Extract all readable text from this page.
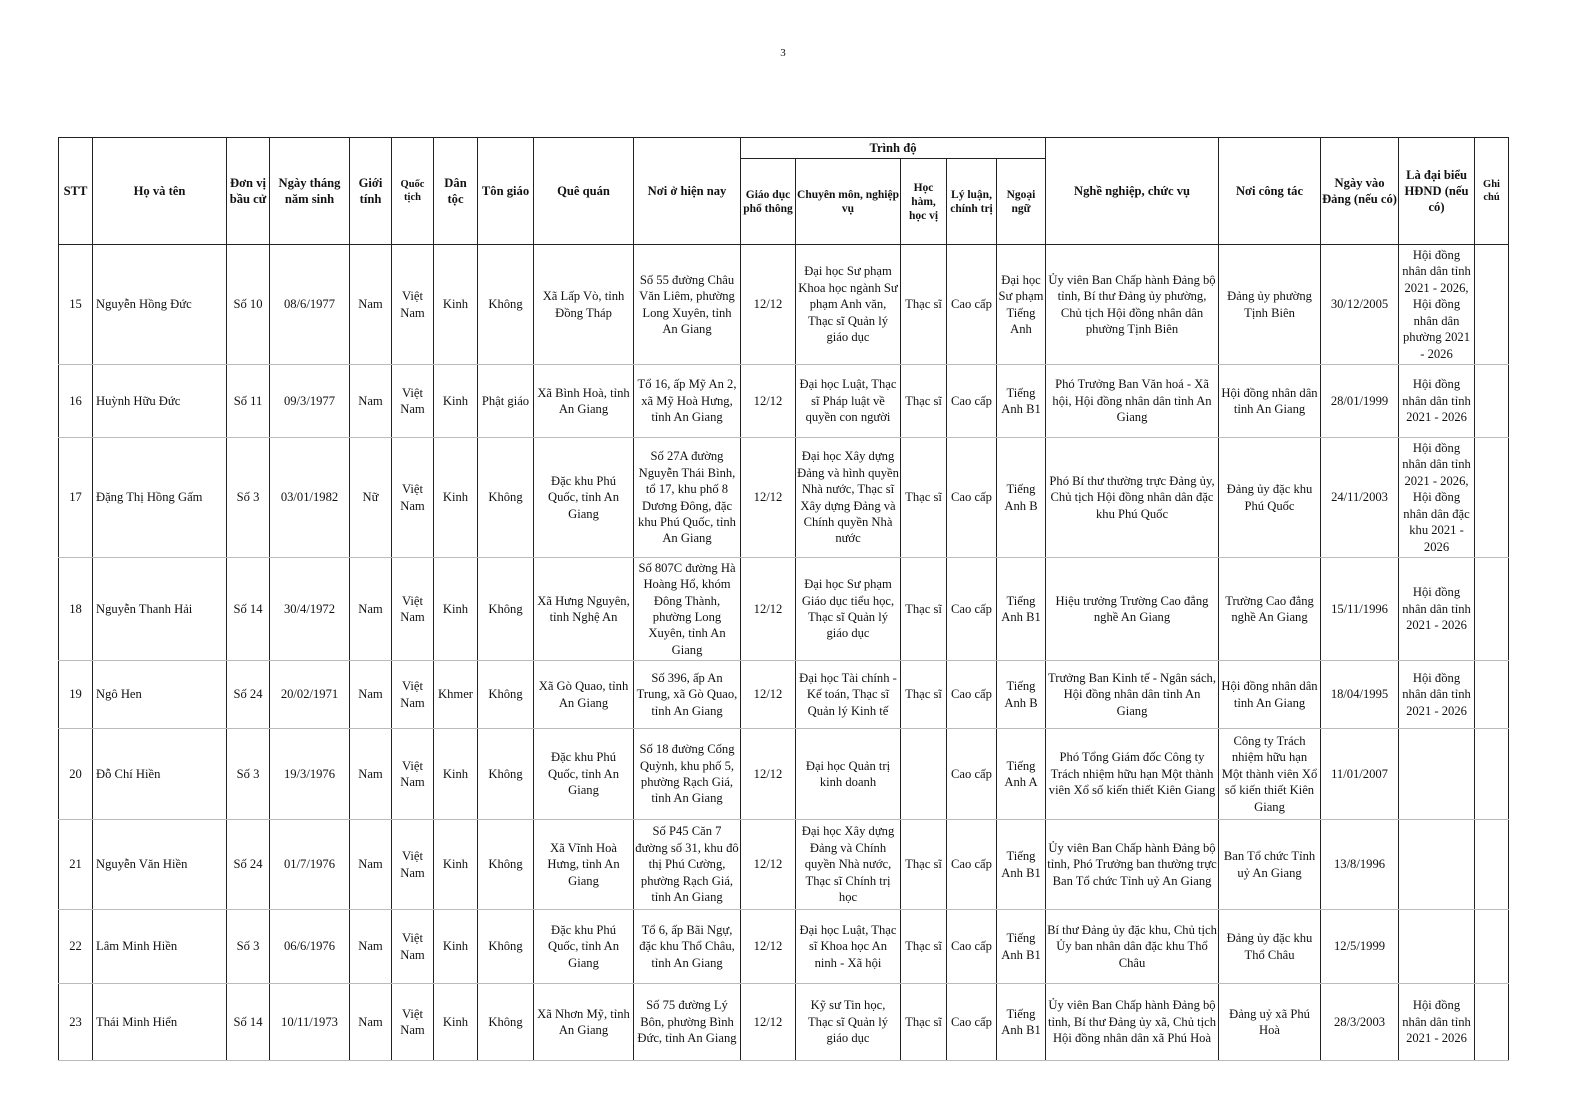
3
STT	Họ và tên	Đơn vị bầu cử	Ngày tháng năm sinh	Giới tính	Quốc tịch	Dân tộc	Tôn giáo	Quê quán	Nơi ở hiện nay	Trình độ					Nghề nghiệp, chức vụ	Nơi công tác	Ngày vào Đảng (nếu có)	Là đại biểu HĐND (nếu có)	Ghi chú
										Giáo dục phổ thông	Chuyên môn, nghiệp vụ	Học hàm, học vị	Lý luận, chính trị	Ngoại ngữ					
15	Nguyễn Hồng Đức	Số 10	08/6/1977	Nam	Việt Nam	Kinh	Không	Xã Lấp Vò, tỉnh Đồng Tháp	Số 55 đường Châu Văn Liêm, phường Long Xuyên, tỉnh An Giang	12/12	Đại học Sư phạm Khoa học ngành Sư phạm Anh văn, Thạc sĩ Quản lý giáo dục	Thạc sĩ	Cao cấp	Đại học Sư phạm Tiếng Anh	Ủy viên Ban Chấp hành Đảng bộ tỉnh, Bí thư Đảng ủy phường, Chủ tịch Hội đồng nhân dân phường Tịnh Biên	Đảng ủy phường Tịnh Biên	30/12/2005	Hội đồng nhân dân tỉnh 2021 - 2026, Hội đồng nhân dân phường 2021 - 2026	
16	Huỳnh Hữu Đức	Số 11	09/3/1977	Nam	Việt Nam	Kinh	Phật giáo	Xã Bình Hoà, tỉnh An Giang	Tổ 16, ấp Mỹ An 2, xã Mỹ Hoà Hưng, tỉnh An Giang	12/12	Đại học Luật, Thạc sĩ Pháp luật về quyền con người	Thạc sĩ	Cao cấp	Tiếng Anh B1	Phó Trưởng Ban Văn hoá - Xã hội, Hội đồng nhân dân tỉnh An Giang	Hội đồng nhân dân tỉnh An Giang	28/01/1999	Hội đồng nhân dân tỉnh 2021 - 2026	
17	Đặng Thị Hồng Gấm	Số 3	03/01/1982	Nữ	Việt Nam	Kinh	Không	Đặc khu Phú Quốc, tỉnh An Giang	Số 27A đường Nguyễn Thái Bình, tổ 17, khu phố 8 Dương Đông, đặc khu Phú Quốc, tỉnh An Giang	12/12	Đại học Xây dựng Đảng và hình quyền Nhà nước, Thạc sĩ Xây dựng Đảng và Chính quyền Nhà nước	Thạc sĩ	Cao cấp	Tiếng Anh B	Phó Bí thư thường trực Đảng ủy, Chủ tịch Hội đồng nhân dân đặc khu Phú Quốc	Đảng ủy đặc khu Phú Quốc	24/11/2003	Hội đồng nhân dân tỉnh 2021 - 2026, Hội đồng nhân dân đặc khu 2021 - 2026	
18	Nguyễn Thanh Hải	Số 14	30/4/1972	Nam	Việt Nam	Kinh	Không	Xã Hưng Nguyên, tỉnh Nghệ An	Số 807C đường Hà Hoàng Hổ, khóm Đông Thành, phường Long Xuyên, tỉnh An Giang	12/12	Đại học Sư phạm Giáo dục tiểu học, Thạc sĩ Quản lý giáo dục	Thạc sĩ	Cao cấp	Tiếng Anh B1	Hiệu trưởng Trường Cao đẳng nghề An Giang	Trường Cao đẳng nghề An Giang	15/11/1996	Hội đồng nhân dân tỉnh 2021 - 2026	
19	Ngô Hen	Số 24	20/02/1971	Nam	Việt Nam	Khmer	Không	Xã Gò Quao, tỉnh An Giang	Số 396, ấp An Trung, xã Gò Quao, tỉnh An Giang	12/12	Đại học Tài chính - Kế toán, Thạc sĩ Quản lý Kinh tế	Thạc sĩ	Cao cấp	Tiếng Anh B	Trưởng Ban Kinh tế - Ngân sách, Hội đồng nhân dân tỉnh An Giang	Hội đồng nhân dân tỉnh An Giang	18/04/1995	Hội đồng nhân dân tỉnh 2021 - 2026	
20	Đỗ Chí Hiền	Số 3	19/3/1976	Nam	Việt Nam	Kinh	Không	Đặc khu Phú Quốc, tỉnh An Giang	Số 18 đường Cống Quỳnh, khu phố 5, phường Rạch Giá, tỉnh An Giang	12/12	Đại học Quản trị kinh doanh		Cao cấp	Tiếng Anh A	Phó Tổng Giám đốc Công ty Trách nhiệm hữu hạn Một thành viên Xổ số kiến thiết Kiên Giang	Công ty Trách nhiệm hữu hạn Một thành viên Xổ số kiến thiết Kiên Giang	11/01/2007		
21	Nguyễn Văn Hiền	Số 24	01/7/1976	Nam	Việt Nam	Kinh	Không	Xã Vĩnh Hoà Hưng, tỉnh An Giang	Số P45 Căn 7 đường số 31, khu đô thị Phú Cường, phường Rạch Giá, tỉnh An Giang	12/12	Đại học Xây dựng Đảng và Chính quyền Nhà nước, Thạc sĩ Chính trị học	Thạc sĩ	Cao cấp	Tiếng Anh B1	Ủy viên Ban Chấp hành Đảng bộ tỉnh, Phó Trưởng ban thường trực Ban Tổ chức Tỉnh uỷ An Giang	Ban Tổ chức Tỉnh uỷ An Giang	13/8/1996		
22	Lâm Minh Hiền	Số 3	06/6/1976	Nam	Việt Nam	Kinh	Không	Đặc khu Phú Quốc, tỉnh An Giang	Tổ 6, ấp Bãi Ngự, đặc khu Thổ Châu, tỉnh An Giang	12/12	Đại học Luật, Thạc sĩ Khoa học An ninh - Xã hội	Thạc sĩ	Cao cấp	Tiếng Anh B1	Bí thư Đảng ủy đặc khu, Chủ tịch Ủy ban nhân dân đặc khu Thổ Châu	Đảng ủy đặc khu Thổ Châu	12/5/1999		
23	Thái Minh Hiển	Số 14	10/11/1973	Nam	Việt Nam	Kinh	Không	Xã Nhơn Mỹ, tỉnh An Giang	Số 75 đường Lý Bôn, phường Bình Đức, tỉnh An Giang	12/12	Kỹ sư Tin học, Thạc sĩ Quản lý giáo dục	Thạc sĩ	Cao cấp	Tiếng Anh B1	Ủy viên Ban Chấp hành Đảng bộ tỉnh, Bí thư Đảng ủy xã, Chủ tịch Hội đồng nhân dân xã Phú Hoà	Đảng uỷ xã Phú Hoà	28/3/2003	Hội đồng nhân dân tỉnh 2021 - 2026	
